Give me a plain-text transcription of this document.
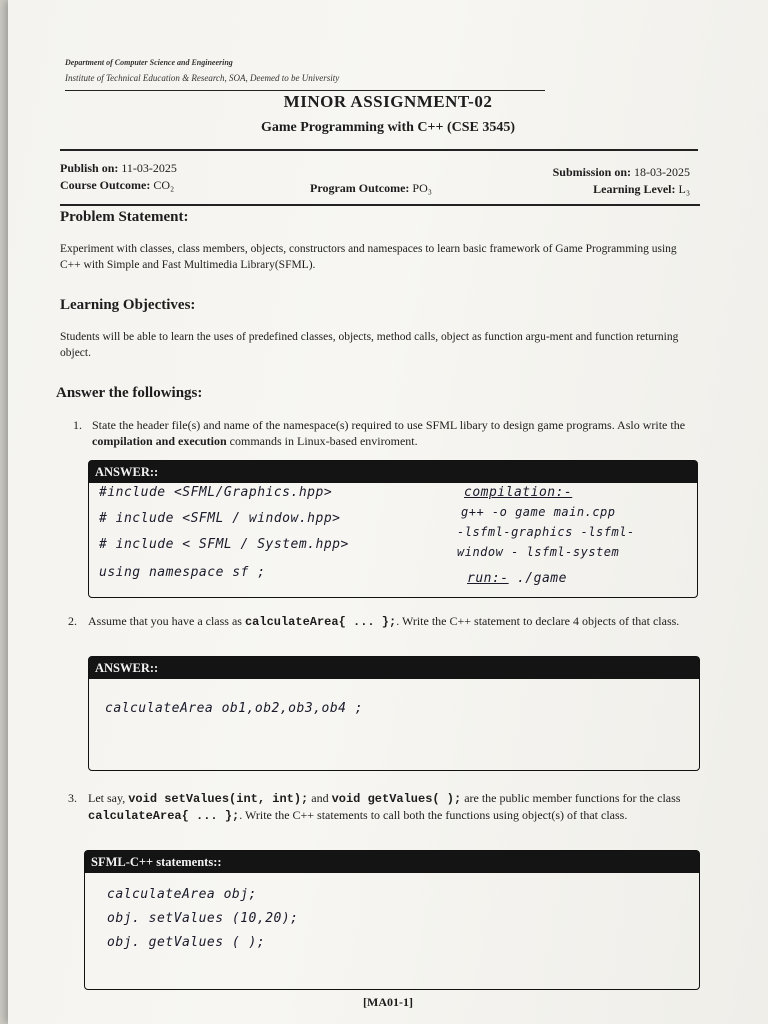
Department of Computer Science and Engineering
Institute of Technical Education & Research, SOA, Deemed to be University
MINOR ASSIGNMENT-02
Game Programming with C++ (CSE 3545)
Publish on: 11-03-2025
Course Outcome: CO₂	Program Outcome: PO₃
Submission on: 18-03-2025
Learning Level: L₃
Problem Statement:
Experiment with classes, class members, objects, constructors and namespaces to learn basic framework of Game Programming using C++ with Simple and Fast Multimedia Library(SFML).
Learning Objectives:
Students will be able to learn the uses of predefined classes, objects, method calls, object as function argu-ment and function returning object.
Answer the followings:
1. State the header file(s) and name of the namespace(s) required to use SFML libary to design game programs. Aslo write the compilation and execution commands in Linux-based enviroment.
ANSWER::
#include <SFML/Graphics.hpp>
# include <SFML / window.hpp>
# include < SFML / System.hpp>
using namespace sf ;
compilation:-
g++ -o game main.cpp
-lsfml-graphics -lsfml-
window - lsfml-system
run:- ./game
2. Assume that you have a class as calculateArea{ ... };. Write the C++ statement to declare 4 objects of that class.
ANSWER::
calculateArea ob1,ob2,ob3,ob4 ;
3. Let say, void setValues(int, int); and void getValues( ); are the public member functions for the class calculateArea{ ... };. Write the C++ statements to call both the functions using object(s) of that class.
SFML-C++ statements::
calculateArea obj;
obj. setValues (10,20);
obj. getValues ( );
[MA01-1]
